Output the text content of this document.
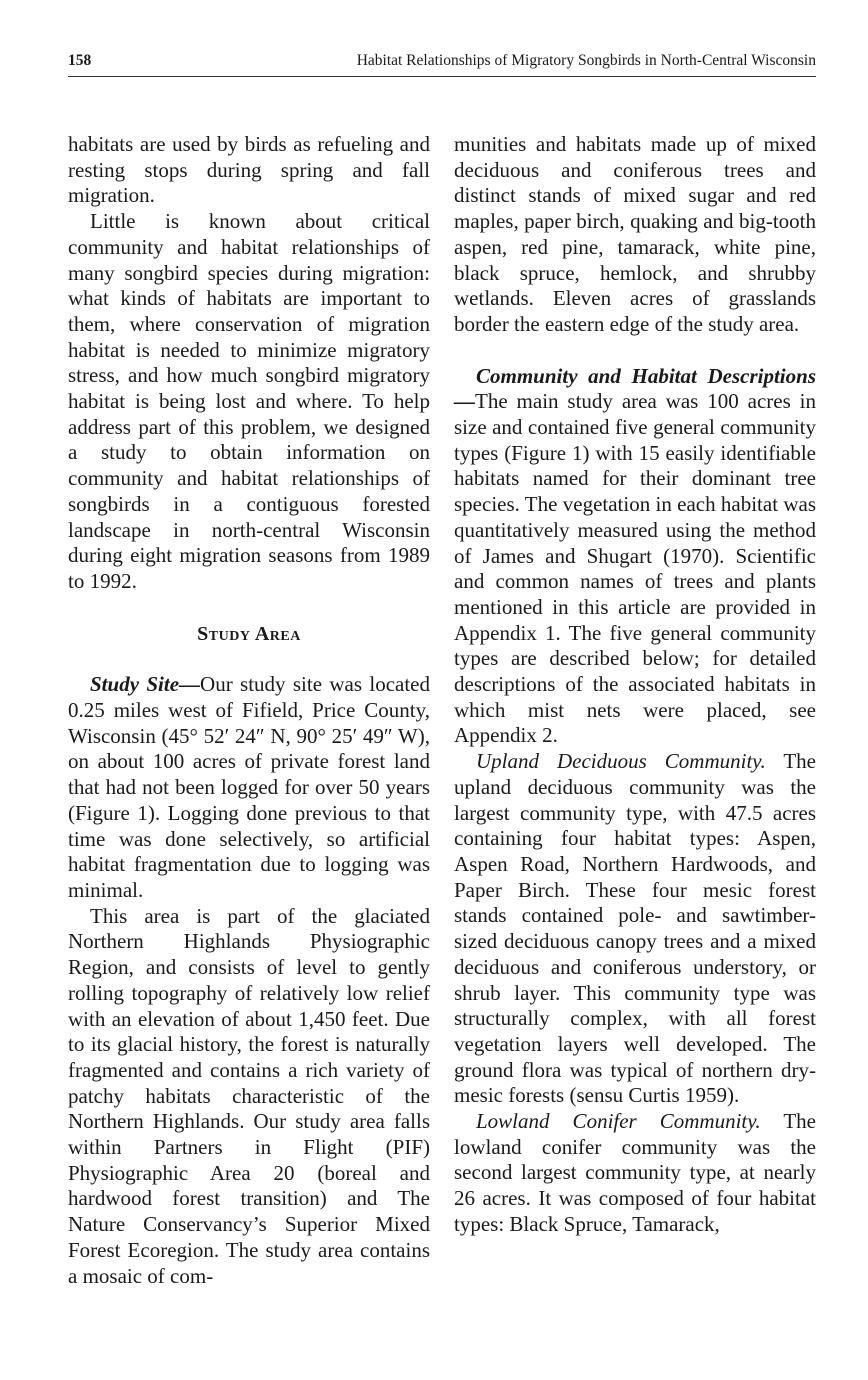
158	Habitat Relationships of Migratory Songbirds in North-Central Wisconsin

habitats are used by birds as refueling and resting stops during spring and fall migration.

Little is known about critical community and habitat relationships of many songbird species during migration: what kinds of habitats are important to them, where conservation of migration habitat is needed to minimize migratory stress, and how much songbird migratory habitat is being lost and where. To help address part of this problem, we designed a study to obtain information on community and habitat relationships of songbirds in a contiguous forested landscape in north-central Wisconsin during eight migration seasons from 1989 to 1992.

Study Area

Study Site—Our study site was located 0.25 miles west of Fifield, Price County, Wisconsin (45° 52′ 24″ N, 90° 25′ 49″ W), on about 100 acres of private forest land that had not been logged for over 50 years (Figure 1). Logging done previous to that time was done selectively, so artificial habitat fragmentation due to logging was minimal.

This area is part of the glaciated Northern Highlands Physiographic Region, and consists of level to gently rolling topography of relatively low relief with an elevation of about 1,450 feet. Due to its glacial history, the forest is naturally fragmented and contains a rich variety of patchy habitats characteristic of the Northern Highlands. Our study area falls within Partners in Flight (PIF) Physiographic Area 20 (boreal and hardwood forest transition) and The Nature Conservancy’s Superior Mixed Forest Ecoregion. The study area contains a mosaic of com-

munities and habitats made up of mixed deciduous and coniferous trees and distinct stands of mixed sugar and red maples, paper birch, quaking and big-tooth aspen, red pine, tamarack, white pine, black spruce, hemlock, and shrubby wetlands. Eleven acres of grasslands border the eastern edge of the study area.

Community and Habitat Descriptions—The main study area was 100 acres in size and contained five general community types (Figure 1) with 15 easily identifiable habitats named for their dominant tree species. The vegetation in each habitat was quantitatively measured using the method of James and Shugart (1970). Scientific and common names of trees and plants mentioned in this article are provided in Appendix 1. The five general community types are described below; for detailed descriptions of the associated habitats in which mist nets were placed, see Appendix 2.

Upland Deciduous Community. The upland deciduous community was the largest community type, with 47.5 acres containing four habitat types: Aspen, Aspen Road, Northern Hardwoods, and Paper Birch. These four mesic forest stands contained pole- and sawtimber-sized deciduous canopy trees and a mixed deciduous and coniferous understory, or shrub layer. This community type was structurally complex, with all forest vegetation layers well developed. The ground flora was typical of northern dry-mesic forests (sensu Curtis 1959).

Lowland Conifer Community. The lowland conifer community was the second largest community type, at nearly 26 acres. It was composed of four habitat types: Black Spruce, Tamarack,
